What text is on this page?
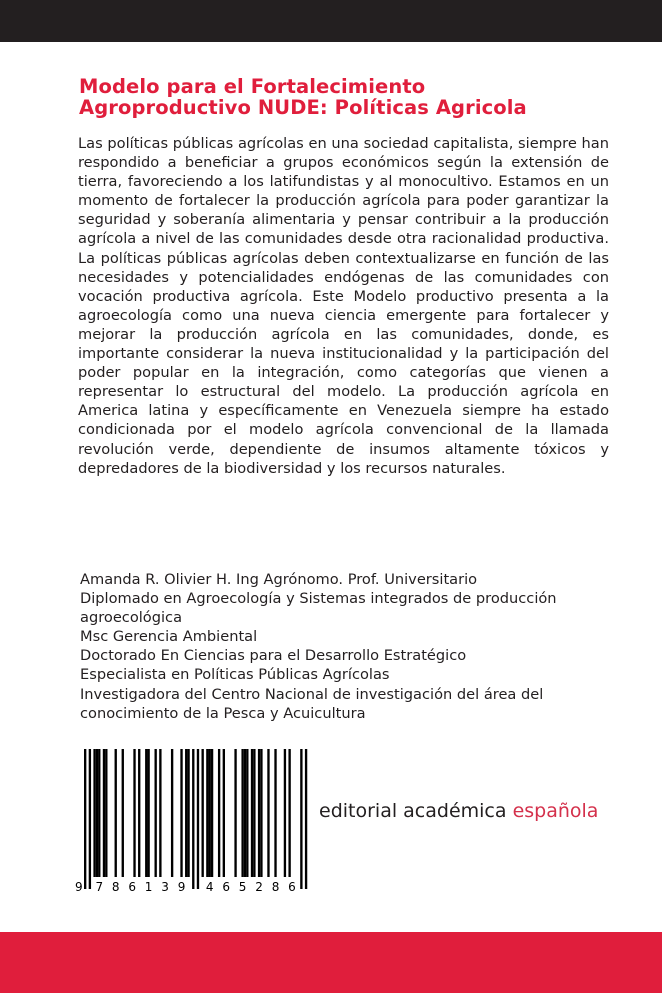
Modelo para el Fortalecimiento
Agroproductivo NUDE: Políticas Agricola
Las políticas públicas agrícolas en una sociedad capitalista, siempre han
respondido a beneficiar a grupos económicos según la extensión de
tierra, favoreciendo a los latifundistas y al monocultivo. Estamos en un
momento de fortalecer la producción agrícola para poder garantizar la
seguridad y soberanía alimentaria y pensar contribuir a la producción
agrícola a nivel de las comunidades desde otra racionalidad productiva.
La políticas públicas agrícolas deben contextualizarse en función de las
necesidades y potencialidades endógenas de las comunidades con
vocación productiva agrícola. Este Modelo productivo presenta a la
agroecología como una nueva ciencia emergente para fortalecer y
mejorar la producción agrícola en las comunidades, donde, es
importante considerar la nueva institucionalidad y la participación del
poder popular en la integración, como categorías que vienen a
representar lo estructural del modelo. La producción agrícola en
America latina y específicamente en Venezuela siempre ha estado
condicionada por el modelo agrícola convencional de la llamada
revolución verde, dependiente de insumos altamente tóxicos y
depredadores de la biodiversidad y los recursos naturales.
Amanda R. Olivier H. Ing Agrónomo. Prof. Universitario
Diplomado en Agroecología y Sistemas integrados de producción
agroecológica
Msc Gerencia Ambiental
Doctorado En Ciencias para el Desarrollo Estratégico
Especialista en Políticas Públicas Agrícolas
Investigadora del Centro Nacional de investigación del área del
conocimiento de la Pesca y Acuicultura
9 7 8 6 1 3 9 4 6 5 2 8 6
editorial académica española
